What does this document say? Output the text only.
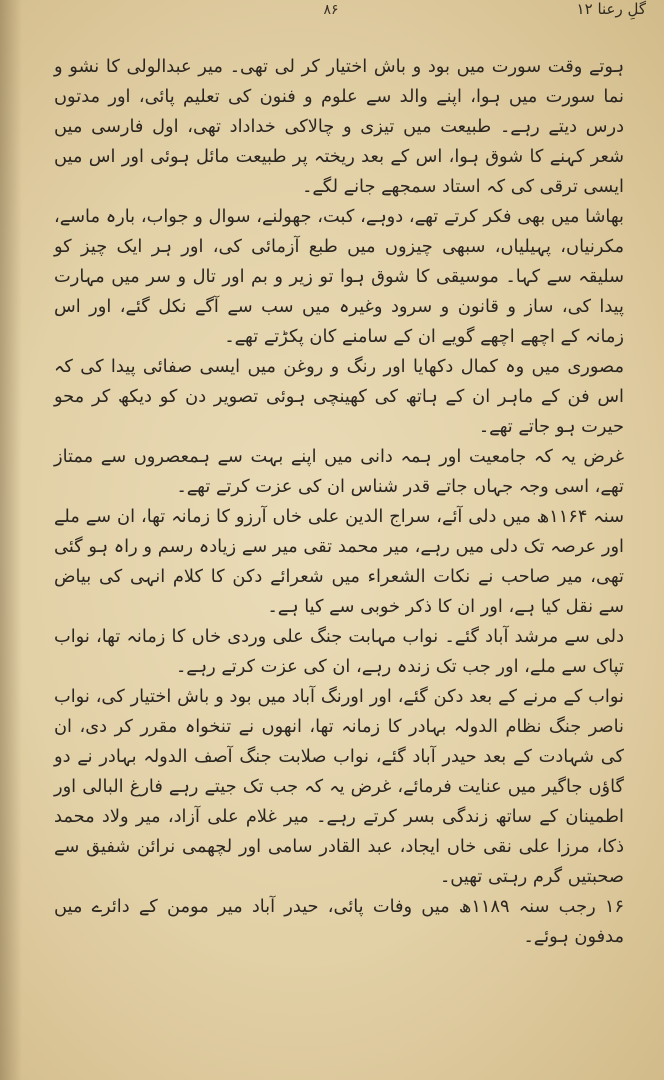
۸۶	گلِ رعنا ۱۲

ہوتے وقت سورت میں بود و باش اختیار کر لی تھی۔ میر عبدالولی کا نشو و نما سورت میں ہوا، اپنے والد سے علوم و فنون کی تعلیم پائی، اور مدتوں درس دیتے رہے۔ طبیعت میں تیزی و چالاکی خداداد تھی، اول فارسی میں شعر کہنے کا شوق ہوا، اس کے بعد ریختہ پر طبیعت مائل ہوئی اور اس میں ایسی ترقی کی کہ استاد سمجھے جانے لگے۔

بھاشا میں بھی فکر کرتے تھے، دوہے، کبت، جھولنے، سوال و جواب، بارہ ماسے، مکرنیاں، پہیلیاں، سبھی چیزوں میں طبع آزمائی کی، اور ہر ایک چیز کو سلیقہ سے کہا۔ موسیقی کا شوق ہوا تو زیر و بم اور تال و سر میں مہارت پیدا کی، ساز و قانون و سرود وغیرہ میں سب سے آگے نکل گئے، اور اس زمانہ کے اچھے اچھے گویے ان کے سامنے کان پکڑتے تھے۔

مصوری میں وہ کمال دکھایا اور رنگ و روغن میں ایسی صفائی پیدا کی کہ اس فن کے ماہر ان کے ہاتھ کی کھینچی ہوئی تصویر دن کو دیکھ کر محو حیرت ہو جاتے تھے۔

غرض یہ کہ جامعیت اور ہمہ دانی میں اپنے بہت سے ہمعصروں سے ممتاز تھے، اسی وجہ جہاں جاتے قدر شناس ان کی عزت کرتے تھے۔

سنہ ۱۱۶۴ھ میں دلی آئے، سراج الدین علی خاں آرزو کا زمانہ تھا، ان سے ملے اور عرصہ تک دلی میں رہے، میر محمد تقی میر سے زیادہ رسم و راہ ہو گئی تھی، میر صاحب نے نکات الشعراء میں شعرائے دکن کا کلام انہی کی بیاض سے نقل کیا ہے، اور ان کا ذکر خوبی سے کیا ہے۔

دلی سے مرشد آباد گئے۔ نواب مہابت جنگ علی وردی خاں کا زمانہ تھا، نواب تپاک سے ملے، اور جب تک زندہ رہے، ان کی عزت کرتے رہے۔

نواب کے مرنے کے بعد دکن گئے، اور اورنگ آباد میں بود و باش اختیار کی، نواب ناصر جنگ نظام الدولہ بہادر کا زمانہ تھا، انھوں نے تنخواہ مقرر کر دی، ان کی شہادت کے بعد حیدر آباد گئے، نواب صلابت جنگ آصف الدولہ بہادر نے دو گاؤں جاگیر میں عنایت فرمائے، غرض یہ کہ جب تک جیتے رہے فارغ البالی اور اطمینان کے ساتھ زندگی بسر کرتے رہے۔ میر غلام علی آزاد، میر ولاد محمد ذکا، مرزا علی نقی خاں ایجاد، عبد القادر سامی اور لچھمی نرائن شفیق سے صحبتیں گرم رہتی تھیں۔

۱۶ رجب سنہ ۱۱۸۹ھ میں وفات پائی، حیدر آباد میر مومن کے دائرے میں مدفون ہوئے۔
